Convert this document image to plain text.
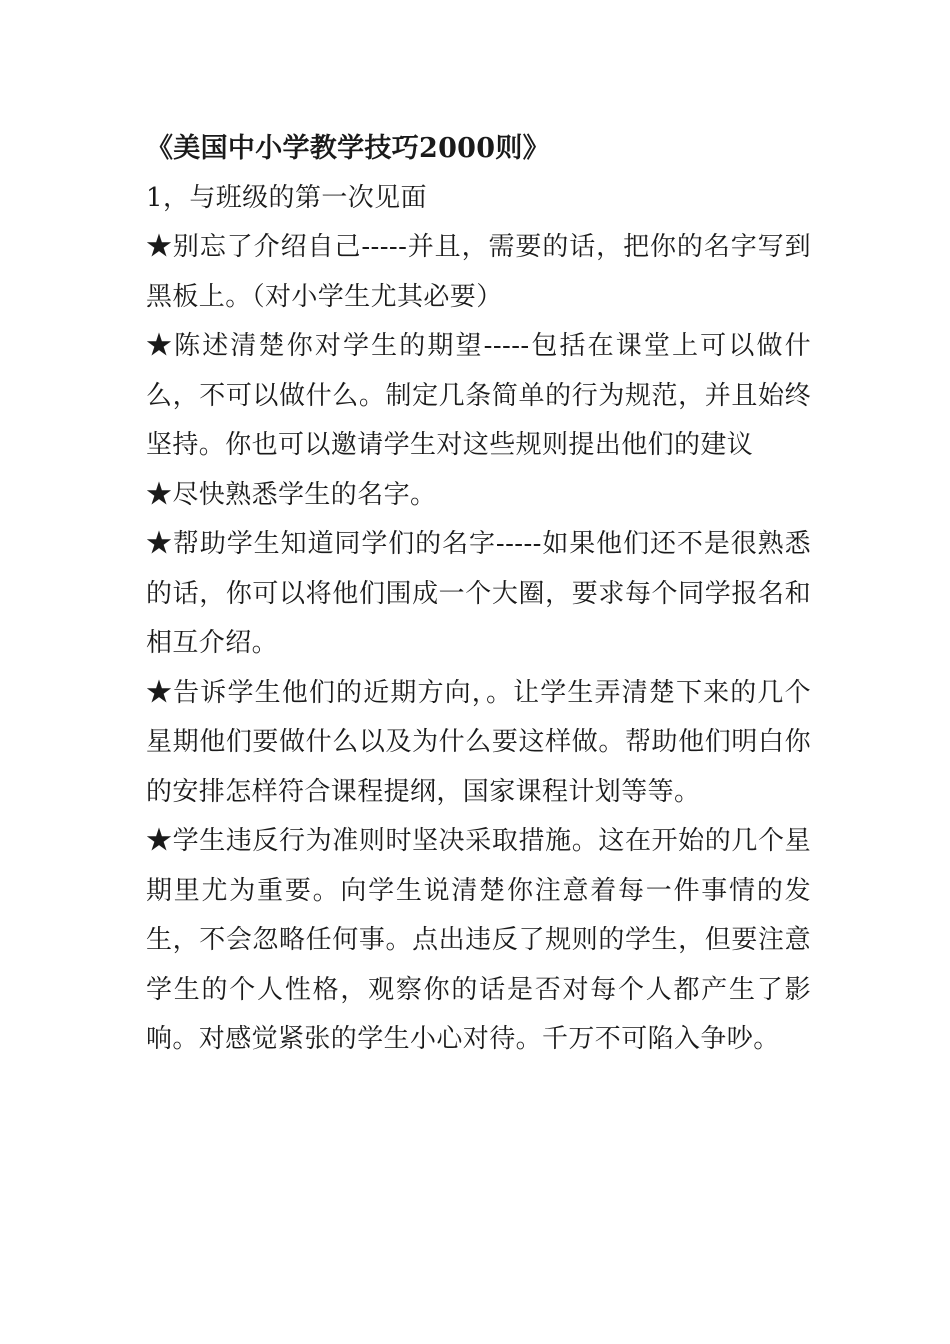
《美国中小学教学技巧2000则》

1，与班级的第一次见面

★别忘了介绍自己-----并且，需要的话，把你的名字写到黑板上。（对小学生尤其必要）

★陈述清楚你对学生的期望-----包括在课堂上可以做什么，不可以做什么。制定几条简单的行为规范，并且始终坚持。你也可以邀请学生对这些规则提出他们的建议

★尽快熟悉学生的名字。

★帮助学生知道同学们的名字-----如果他们还不是很熟悉的话，你可以将他们围成一个大圈，要求每个同学报名和相互介绍。

★告诉学生他们的近期方向，。让学生弄清楚下来的几个星期他们要做什么以及为什么要这样做。帮助他们明白你的安排怎样符合课程提纲，国家课程计划等等。

★学生违反行为准则时坚决采取措施。这在开始的几个星期里尤为重要。向学生说清楚你注意着每一件事情的发生，不会忽略任何事。点出违反了规则的学生，但要注意学生的个人性格，观察你的话是否对每个人都产生了影响。对感觉紧张的学生小心对待。千万不可陷入争吵。
